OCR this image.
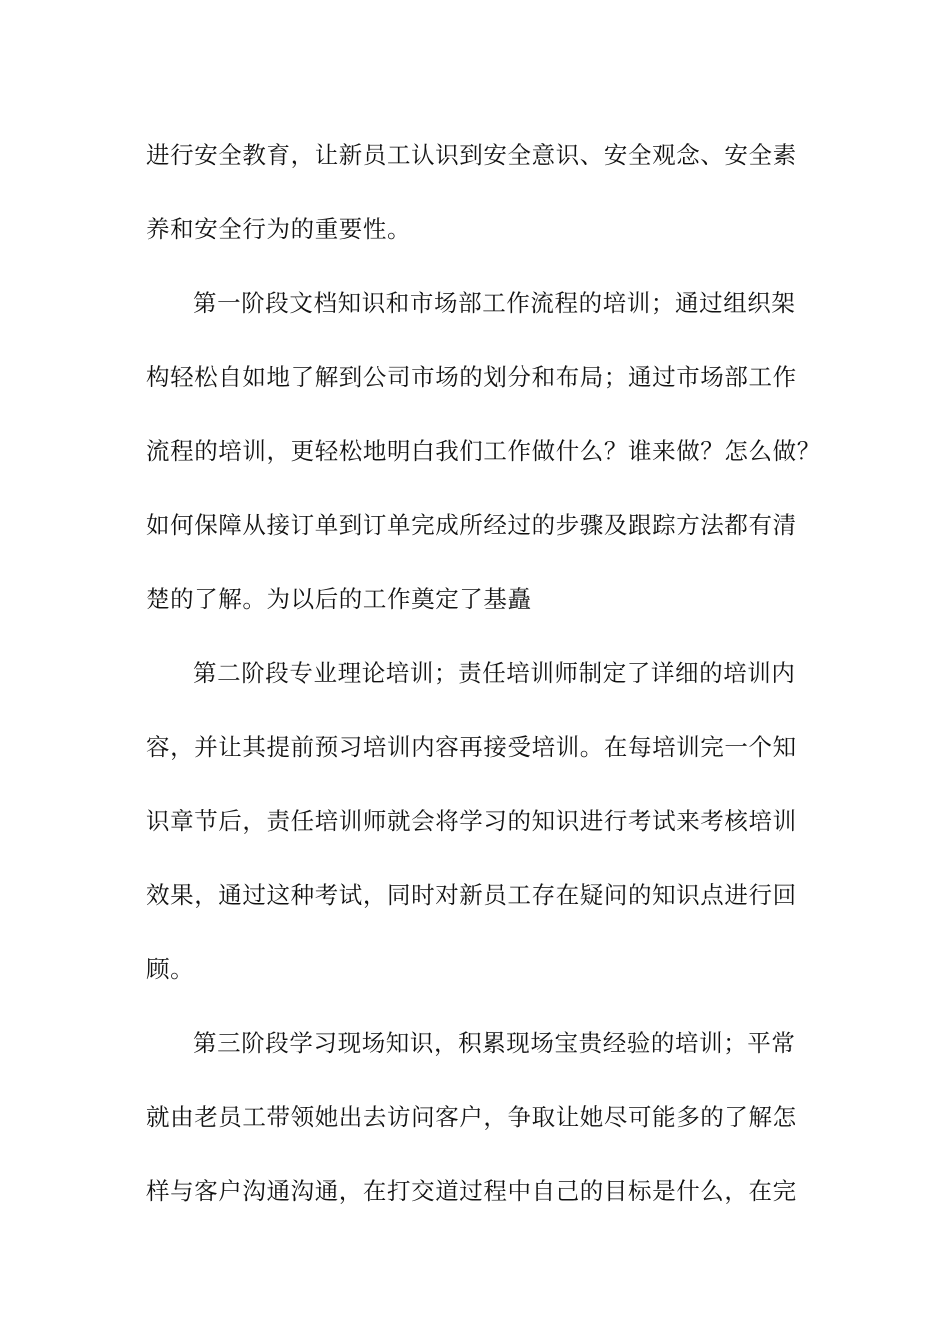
进行安全教育，让新员工认识到安全意识、安全观念、安全素
养和安全行为的重要性。
第一阶段文档知识和市场部工作流程的培训；通过组织架
构轻松自如地了解到公司市场的划分和布局；通过市场部工作
流程的培训，更轻松地明白我们工作做什么？谁来做？怎么做？
如何保障从接订单到订单完成所经过的步骤及跟踪方法都有清
楚的了解。为以后的工作奠定了基矗
第二阶段专业理论培训；责任培训师制定了详细的培训内
容，并让其提前预习培训内容再接受培训。在每培训完一个知
识章节后，责任培训师就会将学习的知识进行考试来考核培训
效果，通过这种考试，同时对新员工存在疑问的知识点进行回
顾。
第三阶段学习现场知识，积累现场宝贵经验的培训；平常
就由老员工带领她出去访问客户，争取让她尽可能多的了解怎
样与客户沟通沟通，在打交道过程中自己的目标是什么，在完
